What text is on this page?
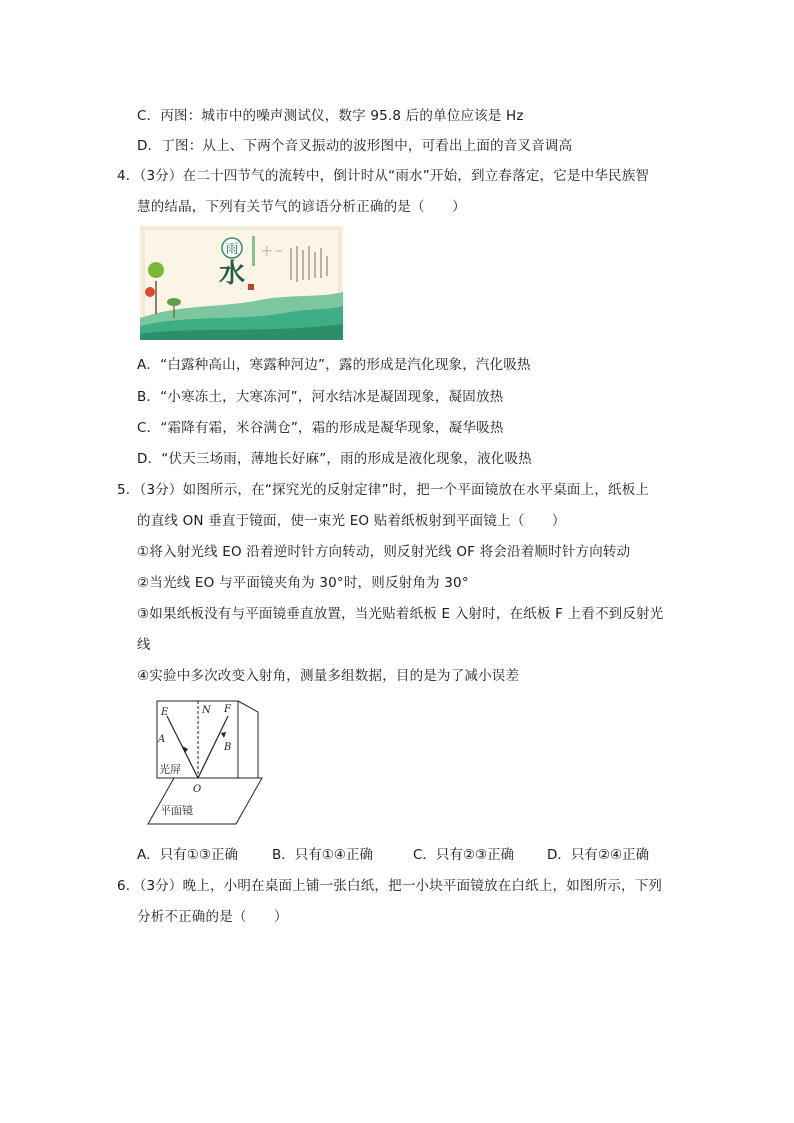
C．丙图：城市中的噪声测试仪，数字 95.8 后的单位应该是 Hz
D．丁图：从上、下两个音叉振动的波形图中，可看出上面的音叉音调高
4．（3分）在二十四节气的流转中，倒计时从“雨水”开始，到立春落定，它是中华民族智
慧的结晶，下列有关节气的谚语分析正确的是（　　）
雨
水
A．“白露种高山，寒露种河边”，露的形成是汽化现象，汽化吸热
B．“小寒冻土，大寒冻河”，河水结冰是凝固现象，凝固放热
C．“霜降有霜，米谷满仓”，霜的形成是凝华现象，凝华吸热
D．“伏天三场雨，薄地长好麻”，雨的形成是液化现象，液化吸热
5．（3分）如图所示，在“探究光的反射定律”时，把一个平面镜放在水平桌面上，纸板上
的直线 ON 垂直于镜面，使一束光 EO 贴着纸板射到平面镜上（　　）
①将入射光线 EO 沿着逆时针方向转动，则反射光线 OF 将会沿着顺时针方向转动
②当光线 EO 与平面镜夹角为 30°时，则反射角为 30°
③如果纸板没有与平面镜垂直放置，当光贴着纸板 E 入射时，在纸板 F 上看不到反射光
线
④实验中多次改变入射角，测量多组数据，目的是为了减小误差
E	N F
A
B
O
光屏
平面镜
A．只有①③正确	B．只有①④正确	C．只有②③正确 D．只有②④正确
6．（3分）晚上，小明在桌面上铺一张白纸，把一小块平面镜放在白纸上，如图所示，下列
分析不正确的是（　　）
